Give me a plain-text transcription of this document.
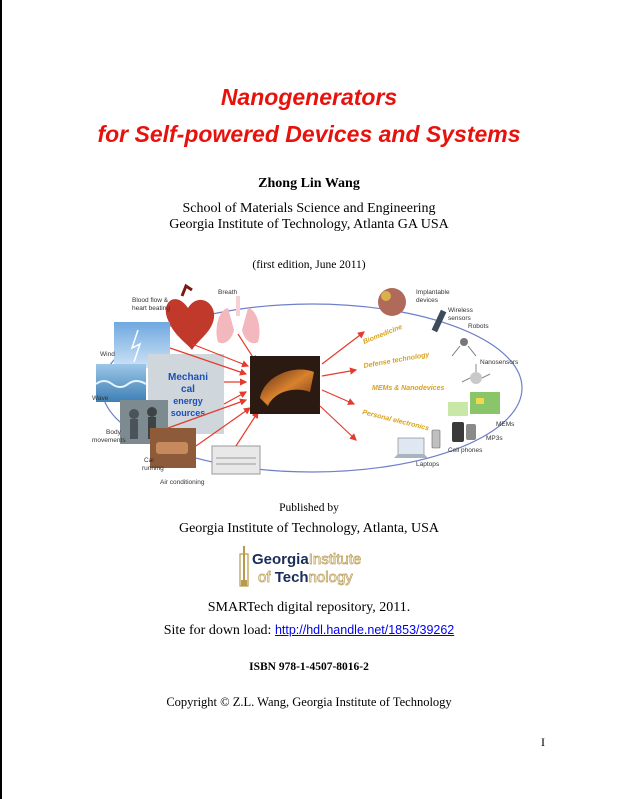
Nanogenerators
for Self-powered Devices and Systems
Zhong Lin Wang
School of Materials Science and Engineering
Georgia Institute of Technology, Atlanta GA USA
(first edition, June 2011)
Blood flow &
heart beating
Breath
Wind
Wave
Body
movements
Car
running
Air conditioning
Mechani
cal
energy
sources
Biomedicine
Defense technology
MEMs & Nanodevices
Personal electronics
Implantable
devices
Wireless
sensors
Robots
Nanosensors
MEMs
MP3s
Cell phones
Laptops
Published by
Georgia Institute of Technology, Atlanta, USA
GeorgiaInstitute
of Technology
SMARTech digital repository, 2011.
Site for down load: http://hdl.handle.net/1853/39262
ISBN 978-1-4507-8016-2
Copyright © Z.L. Wang, Georgia Institute of Technology
I
